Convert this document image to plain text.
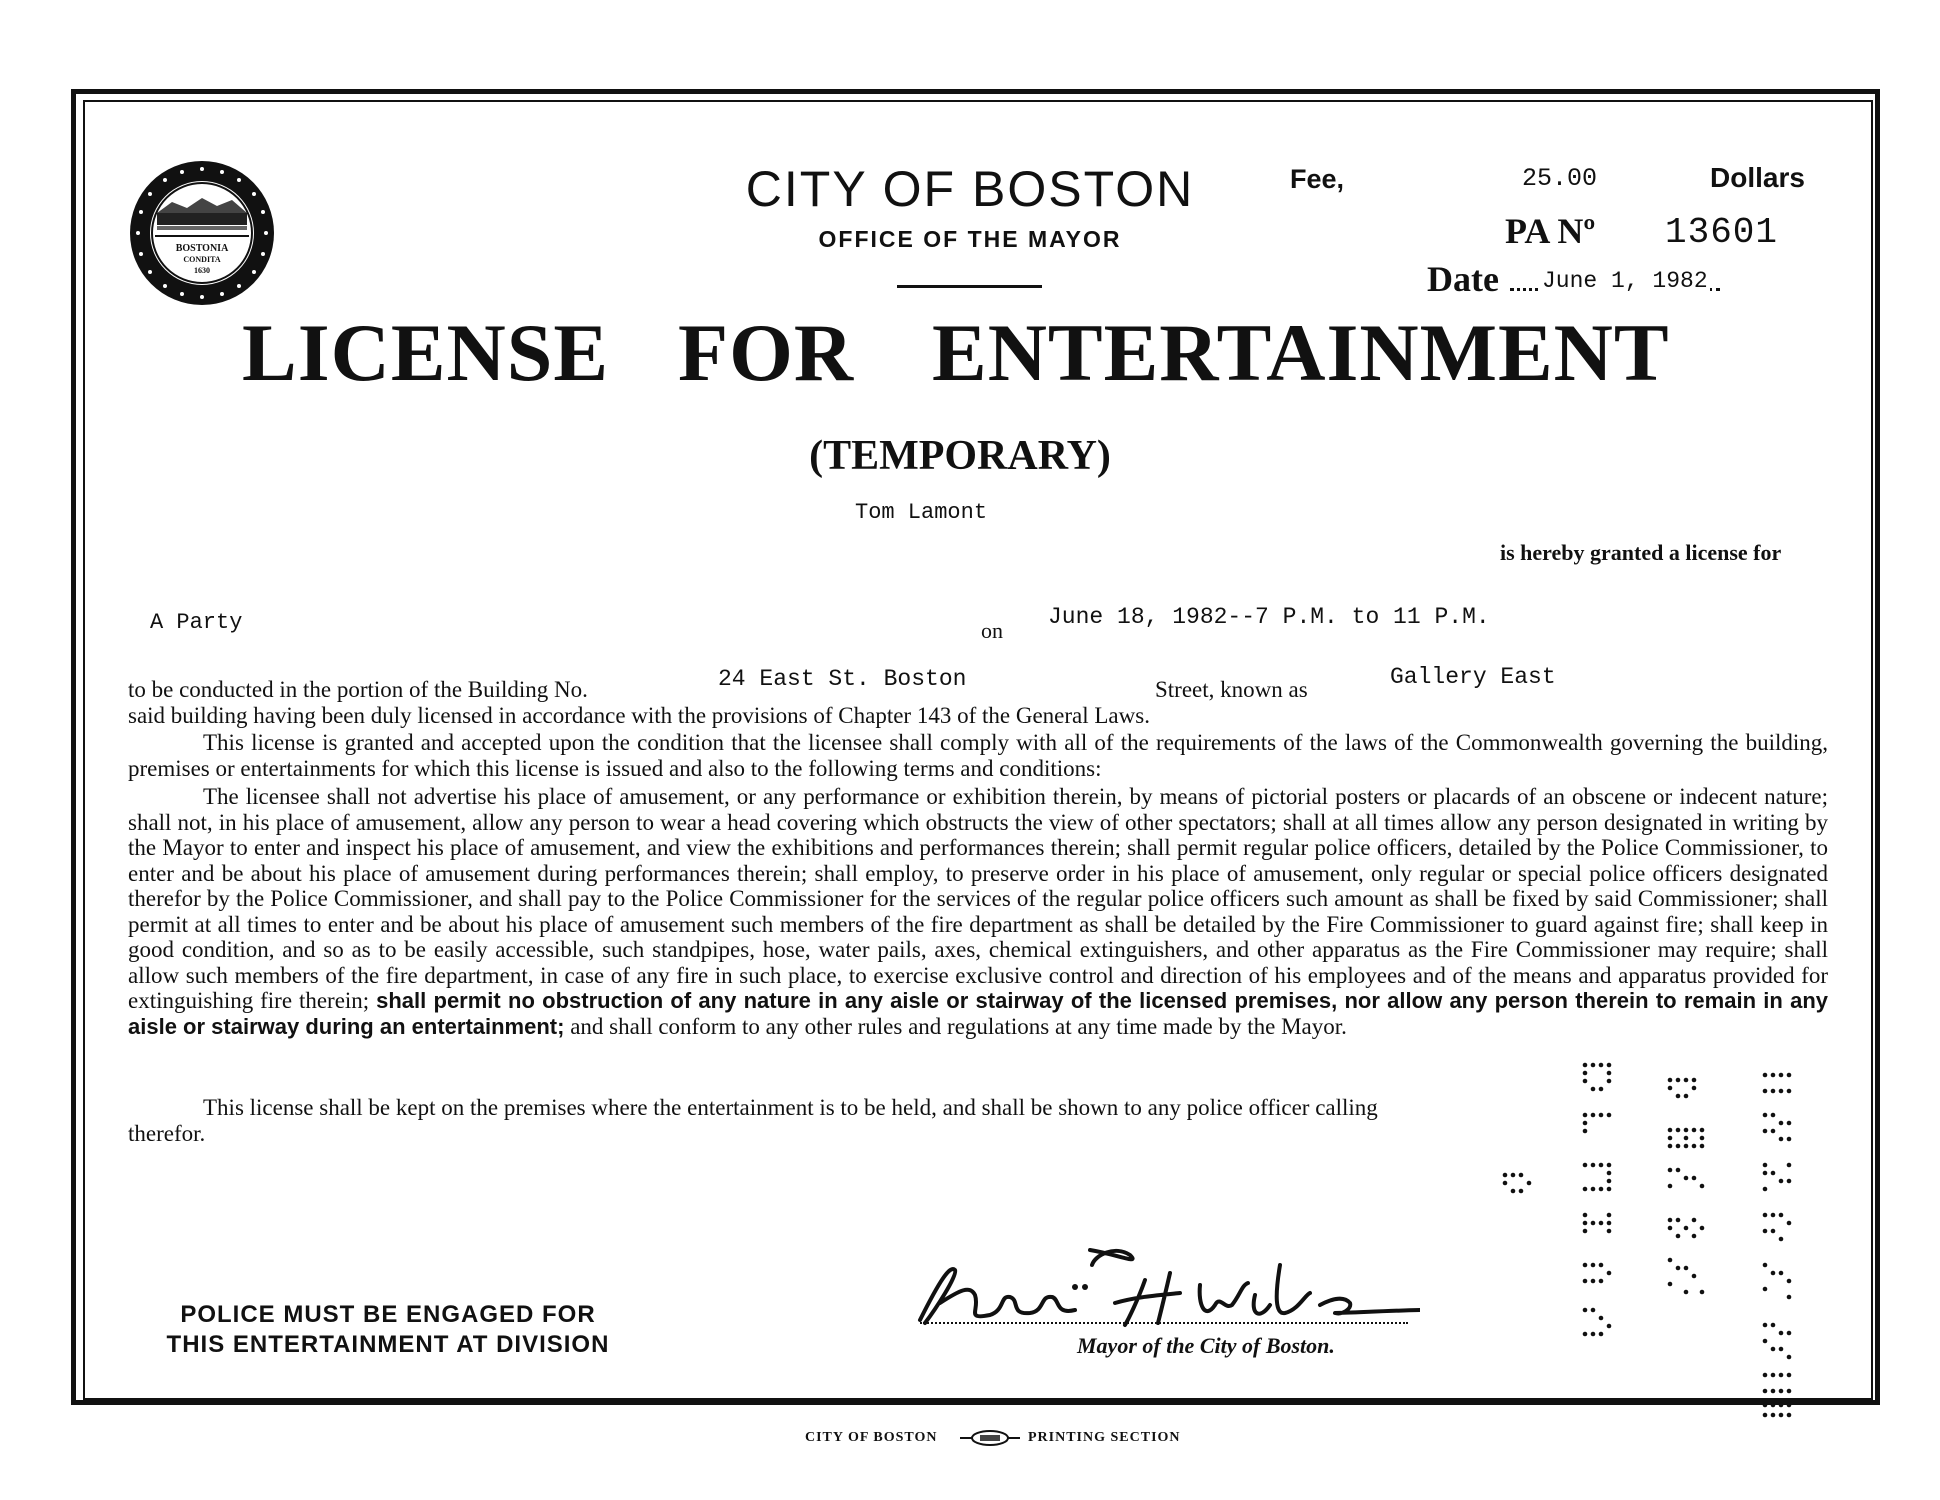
BOSTONIA
CONDITA
1630
CITY OF BOSTON
OFFICE OF THE MAYOR
Fee,	25.00	Dollars
PA Nº 13601
Date June 1, 1982
LICENSE FOR ENTERTAINMENT
(TEMPORARY)
Tom Lamont
is hereby granted a license for
A Party	on
June 18, 1982--7 P.M. to 11 P.M.
to be conducted in the portion of the Building No.	24 East St. Boston	Street, known as	Gallery East
said building having been duly licensed in accordance with the provisions of Chapter 143 of the General Laws.
This license is granted and accepted upon the condition that the licensee shall comply with all of the requirements of the laws of the Commonwealth governing the building, premises or entertainments for which this license is issued and also to the following terms and conditions:
The licensee shall not advertise his place of amusement, or any performance or exhibition therein, by means of pictorial posters or placards of an obscene or indecent nature; shall not, in his place of amusement, allow any person to wear a head covering which obstructs the view of other spectators; shall at all times allow any person designated in writing by the Mayor to enter and inspect his place of amusement, and view the exhibitions and performances therein; shall permit regular police officers, detailed by the Police Commissioner, to enter and be about his place of amusement during performances therein; shall employ, to preserve order in his place of amusement, only regular or special police officers designated therefor by the Police Commissioner, and shall pay to the Police Commissioner for the services of the regular police officers such amount as shall be fixed by said Commissioner; shall permit at all times to enter and be about his place of amusement such members of the fire department as shall be detailed by the Fire Commissioner to guard against fire; shall keep in good condition, and so as to be easily accessible, such standpipes, hose, water pails, axes, chemical extinguishers, and other apparatus as the Fire Commissioner may require; shall allow such members of the fire department, in case of any fire in such place, to exercise exclusive control and direction of his employees and of the means and apparatus provided for extinguishing fire therein; shall permit no obstruction of any nature in any aisle or stairway of the licensed premises, nor allow any person therein to remain in any aisle or stairway during an entertainment; and shall conform to any other rules and regulations at any time made by the Mayor.
This license shall be kept on the premises where the entertainment is to be held, and shall be shown to any police officer calling therefor.
Mayor of the City of Boston.
POLICE MUST BE ENGAGED FOR
THIS ENTERTAINMENT AT DIVISION
CITY OF BOSTON	PRINTING SECTION
